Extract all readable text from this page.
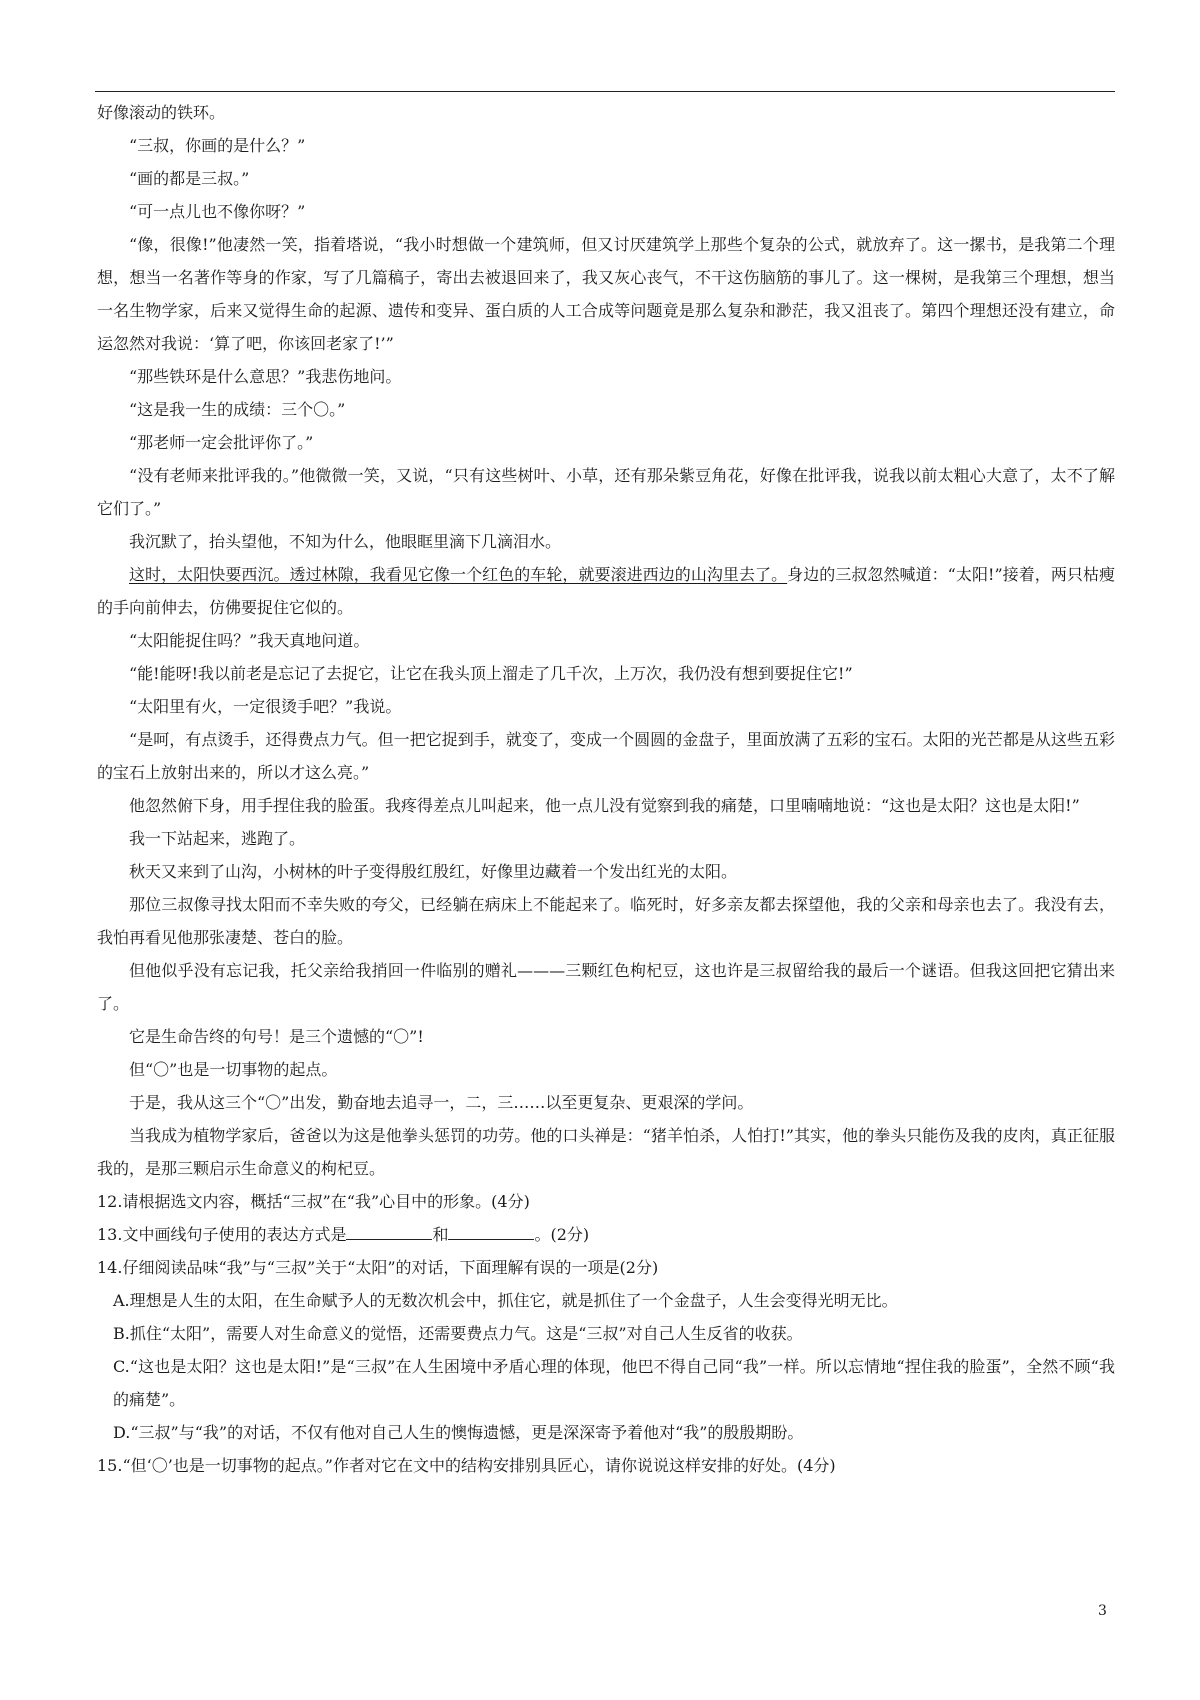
好像滚动的铁环。

“三叔，你画的是什么？”

“画的都是三叔。”

“可一点儿也不像你呀？”

“像，很像!”他凄然一笑，指着塔说，“我小时想做一个建筑师，但又讨厌建筑学上那些个复杂的公式，就放弃了。这一摞书，是我第二个理想，想当一名著作等身的作家，写了几篇稿子，寄出去被退回来了，我又灰心丧气，不干这伤脑筋的事儿了。这一棵树，是我第三个理想，想当一名生物学家，后来又觉得生命的起源、遗传和变异、蛋白质的人工合成等问题竟是那么复杂和渺茫，我又沮丧了。第四个理想还没有建立，命运忽然对我说：‘算了吧，你该回老家了!’”

“那些铁环是什么意思？”我悲伤地问。

“这是我一生的成绩：三个〇。”

“那老师一定会批评你了。”

“没有老师来批评我的。”他微微一笑，又说，“只有这些树叶、小草，还有那朵紫豆角花，好像在批评我，说我以前太粗心大意了，太不了解它们了。”

我沉默了，抬头望他，不知为什么，他眼眶里滴下几滴泪水。

这时，太阳快要西沉。透过林隙，我看见它像一个红色的车轮，就要滚进西边的山沟里去了。身边的三叔忽然喊道：“太阳!”接着，两只枯瘦的手向前伸去，仿佛要捉住它似的。

“太阳能捉住吗？”我天真地问道。

“能!能呀!我以前老是忘记了去捉它，让它在我头顶上溜走了几千次，上万次，我仍没有想到要捉住它!”

“太阳里有火，一定很烫手吧？”我说。

“是呵，有点烫手，还得费点力气。但一把它捉到手，就变了，变成一个圆圆的金盘子，里面放满了五彩的宝石。太阳的光芒都是从这些五彩的宝石上放射出来的，所以才这么亮。”

他忽然俯下身，用手捏住我的脸蛋。我疼得差点儿叫起来，他一点儿没有觉察到我的痛楚，口里喃喃地说：“这也是太阳？这也是太阳!”

我一下站起来，逃跑了。

秋天又来到了山沟，小树林的叶子变得殷红殷红，好像里边藏着一个发出红光的太阳。

那位三叔像寻找太阳而不幸失败的夸父，已经躺在病床上不能起来了。临死时，好多亲友都去探望他，我的父亲和母亲也去了。我没有去，我怕再看见他那张凄楚、苍白的脸。

但他似乎没有忘记我，托父亲给我捎回一件临别的赠礼———三颗红色枸杞豆，这也许是三叔留给我的最后一个谜语。但我这回把它猜出来了。

它是生命告终的句号！是三个遗憾的“〇”!

但“〇”也是一切事物的起点。

于是，我从这三个“〇”出发，勤奋地去追寻一，二，三……以至更复杂、更艰深的学问。

当我成为植物学家后，爸爸以为这是他拳头惩罚的功劳。他的口头禅是：“猪羊怕杀，人怕打!”其实，他的拳头只能伤及我的皮肉，真正征服我的，是那三颗启示生命意义的枸杞豆。

12.请根据选文内容，概括“三叔”在“我”心目中的形象。(4分)

13.文中画线句子使用的表达方式是	和	。(2分)

14.仔细阅读品味“我”与“三叔”关于“太阳”的对话，下面理解有误的一项是(2分)

A.理想是人生的太阳，在生命赋予人的无数次机会中，抓住它，就是抓住了一个金盘子，人生会变得光明无比。

B.抓住“太阳”，需要人对生命意义的觉悟，还需要费点力气。这是“三叔”对自己人生反省的收获。

C.“这也是太阳？这也是太阳!”是“三叔”在人生困境中矛盾心理的体现，他巴不得自己同“我”一样。所以忘情地“捏住我的脸蛋”，全然不顾“我的痛楚”。

D.“三叔”与“我”的对话，不仅有他对自己人生的懊悔遗憾，更是深深寄予着他对“我”的殷殷期盼。

15.“但‘〇’也是一切事物的起点。”作者对它在文中的结构安排别具匠心，请你说说这样安排的好处。(4分)

3
